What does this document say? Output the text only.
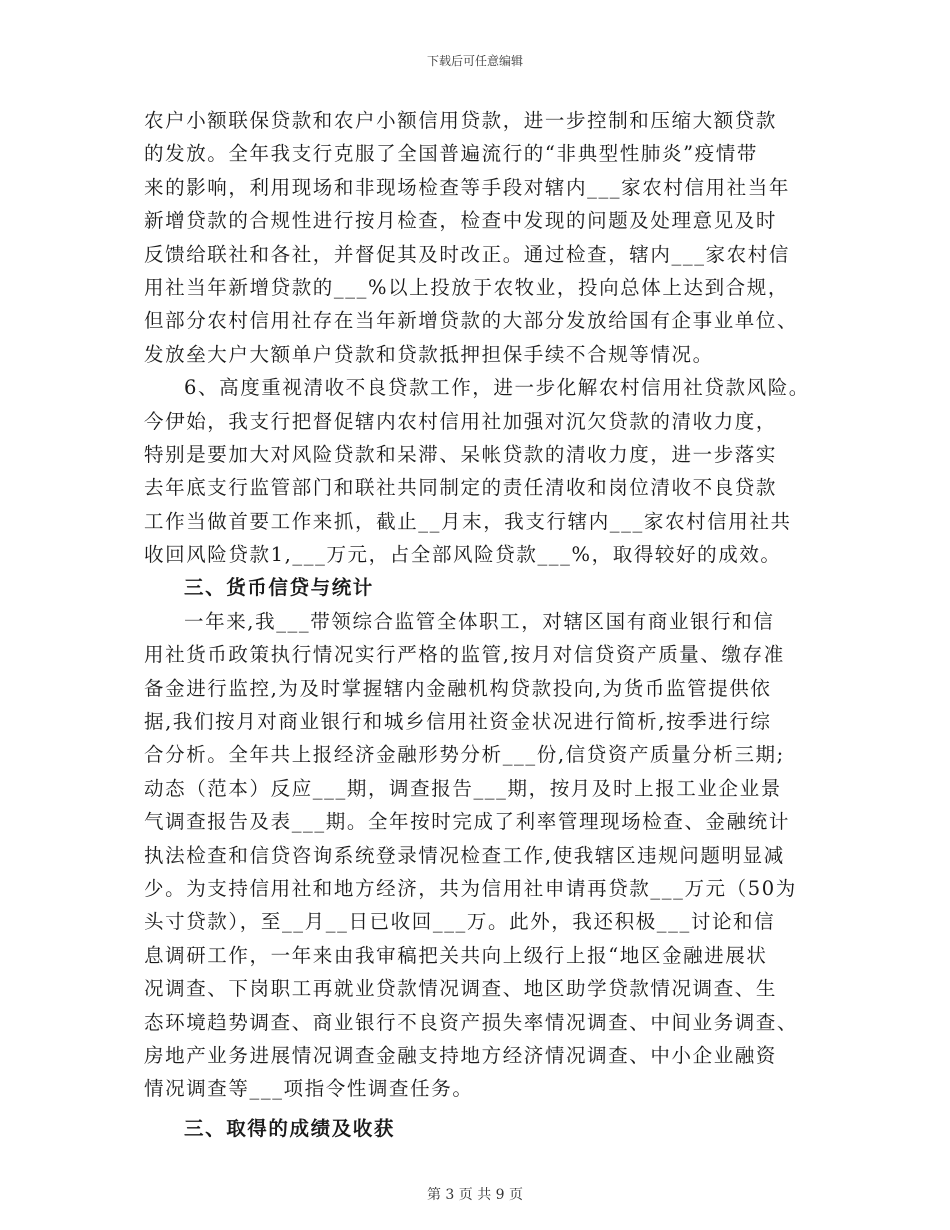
下载后可任意编辑
农户小额联保贷款和农户小额信用贷款，进一步控制和压缩大额贷款
的发放。全年我支行克服了全国普遍流行的“非典型性肺炎”疫情带
来的影响，利用现场和非现场检查等手段对辖内___家农村信用社当年
新增贷款的合规性进行按月检查，检查中发现的问题及处理意见及时
反馈给联社和各社，并督促其及时改正。通过检查，辖内___家农村信
用社当年新增贷款的___%以上投放于农牧业，投向总体上达到合规，
但部分农村信用社存在当年新增贷款的大部分发放给国有企事业单位、
发放垒大户大额单户贷款和贷款抵押担保手续不合规等情况。
6、高度重视清收不良贷款工作，进一步化解农村信用社贷款风险。
今伊始，我支行把督促辖内农村信用社加强对沉欠贷款的清收力度，
特别是要加大对风险贷款和呆滞、呆帐贷款的清收力度，进一步落实
去年底支行监管部门和联社共同制定的责任清收和岗位清收不良贷款
工作当做首要工作来抓，截止__月末，我支行辖内___家农村信用社共
收回风险贷款1,___万元，占全部风险贷款___%，取得较好的成效。
三、货币信贷与统计
一年来,我___带领综合监管全体职工，对辖区国有商业银行和信
用社货币政策执行情况实行严格的监管,按月对信贷资产质量、缴存准
备金进行监控,为及时掌握辖内金融机构贷款投向,为货币监管提供依
据,我们按月对商业银行和城乡信用社资金状况进行简析,按季进行综
合分析。全年共上报经济金融形势分析___份,信贷资产质量分析三期;
动态（范本）反应___期，调查报告___期，按月及时上报工业企业景
气调查报告及表___期。全年按时完成了利率管理现场检查、金融统计
执法检查和信贷咨询系统登录情况检查工作,使我辖区违规问题明显减
少。为支持信用社和地方经济，共为信用社申请再贷款___万元（50为
头寸贷款），至__月__日已收回___万。此外，我还积极___讨论和信
息调研工作，一年来由我审稿把关共向上级行上报“地区金融进展状
况调查、下岗职工再就业贷款情况调查、地区助学贷款情况调查、生
态环境趋势调查、商业银行不良资产损失率情况调查、中间业务调查、
房地产业务进展情况调查金融支持地方经济情况调查、中小企业融资
情况调查等___项指令性调查任务。
三、取得的成绩及收获
第 3 页 共 9 页
